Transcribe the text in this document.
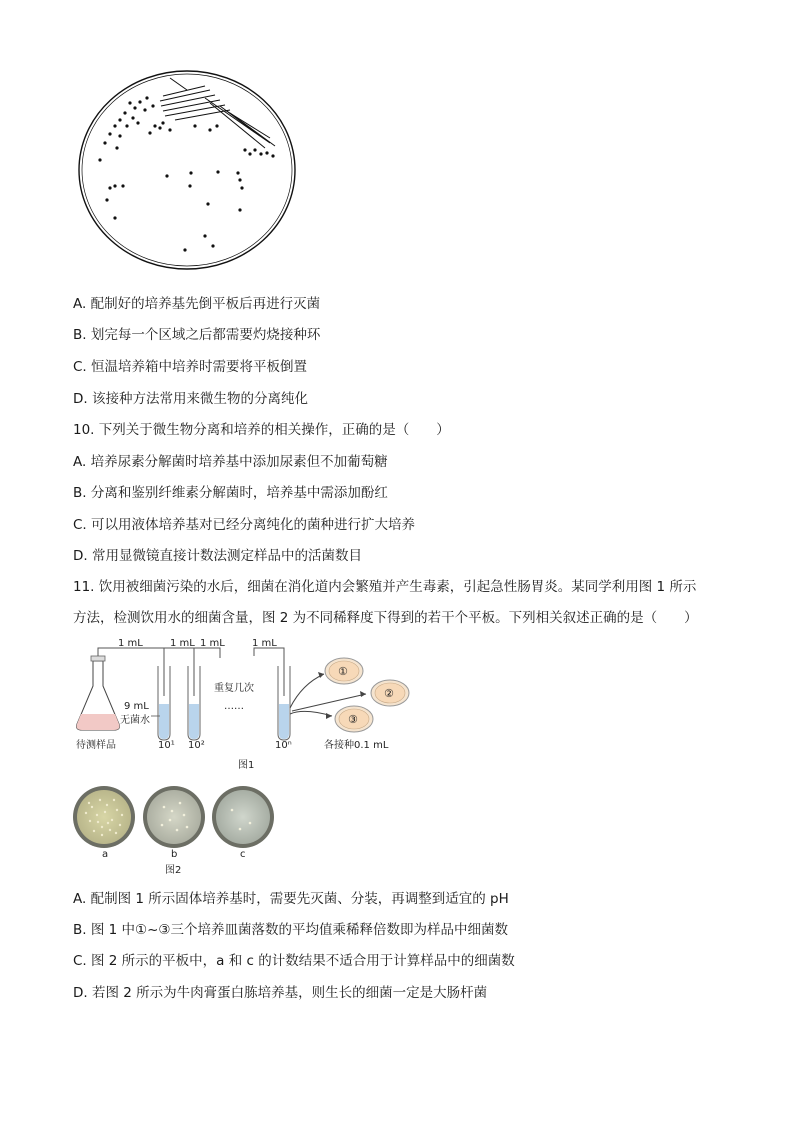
A. 配制好的培养基先倒平板后再进行灭菌
B. 划完每一个区域之后都需要灼烧接种环
C. 恒温培养箱中培养时需要将平板倒置
D. 该接种方法常用来微生物的分离纯化
10. 下列关于微生物分离和培养的相关操作，正确的是（　　）
A. 培养尿素分解菌时培养基中添加尿素但不加葡萄糖
B. 分离和鉴别纤维素分解菌时，培养基中需添加酚红
C. 可以用液体培养基对已经分离纯化的菌种进行扩大培养
D. 常用显微镜直接计数法测定样品中的活菌数目
11. 饮用被细菌污染的水后，细菌在消化道内会繁殖并产生毒素，引起急性肠胃炎。某同学利用图 1 所示
方法，检测饮用水的细菌含量，图 2 为不同稀释度下得到的若干个平板。下列相关叙述正确的是（　　）
1 mL	1 mL 1 mL
9 mL
无菌水
重复几次
……
1 mL
①
②
③
待测样品	10¹ 10²	10ⁿ	各接种0.1 mL
图1
a	b	c
图2
A. 配制图 1 所示固体培养基时，需要先灭菌、分装，再调整到适宜的 pH
B. 图 1 中①~③三个培养皿菌落数的平均值乘稀释倍数即为样品中细菌数
C. 图 2 所示的平板中，a 和 c 的计数结果不适合用于计算样品中的细菌数
D. 若图 2 所示为牛肉膏蛋白胨培养基，则生长的细菌一定是大肠杆菌
